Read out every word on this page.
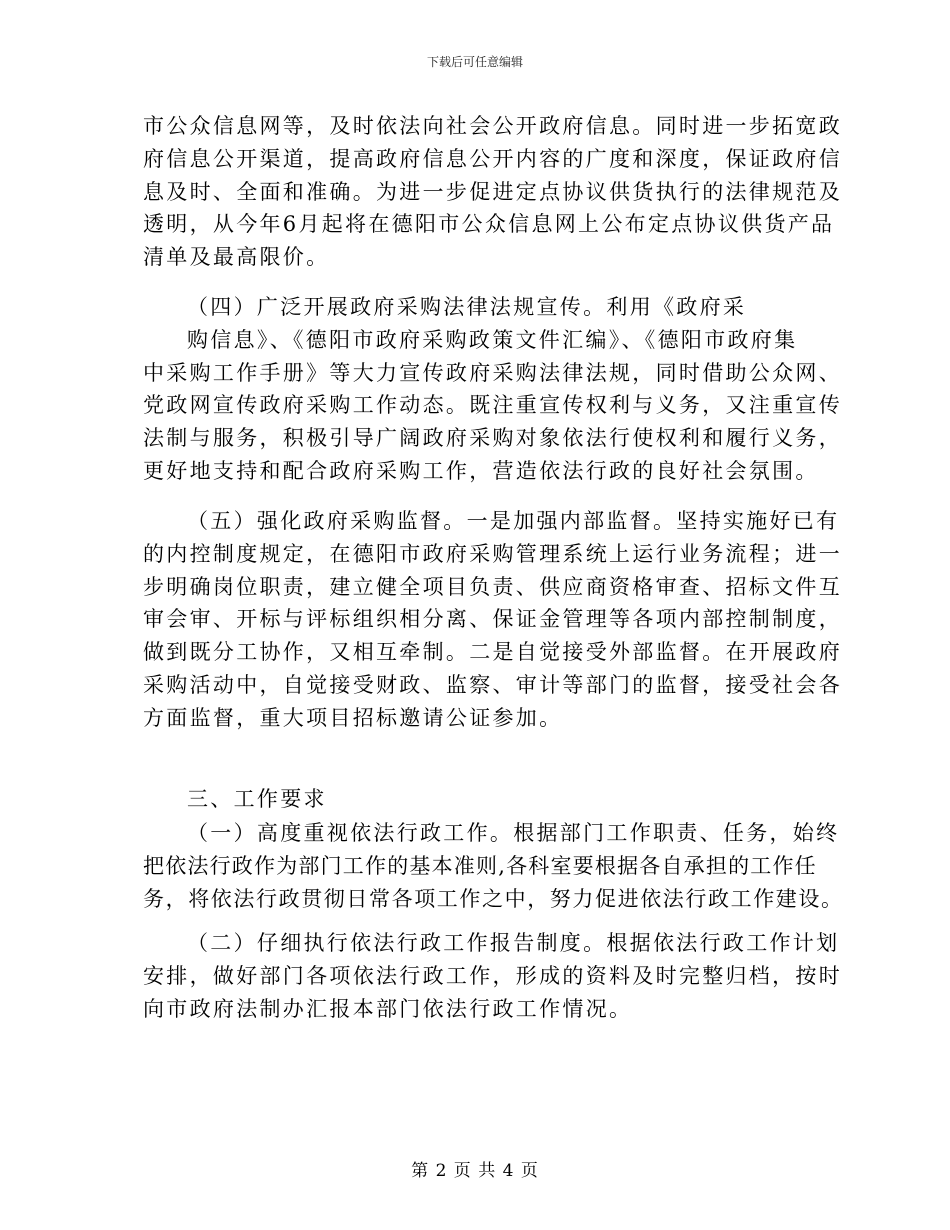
下载后可任意编辑
市公众信息网等，及时依法向社会公开政府信息。同时进一步拓宽政
府信息公开渠道，提高政府信息公开内容的广度和深度，保证政府信
息及时、全面和准确。为进一步促进定点协议供货执行的法律规范及
透明，从今年6月起将在德阳市公众信息网上公布定点协议供货产品
清单及最高限价。
（四）广泛开展政府采购法律法规宣传。利用《政府采
购信息》、《德阳市政府采购政策文件汇编》、《德阳市政府集
中采购工作手册》等大力宣传政府采购法律法规，同时借助公众网、
党政网宣传政府采购工作动态。既注重宣传权利与义务，又注重宣传
法制与服务，积极引导广阔政府采购对象依法行使权利和履行义务，
更好地支持和配合政府采购工作，营造依法行政的良好社会氛围。
（五）强化政府采购监督。一是加强内部监督。坚持实施好已有
的内控制度规定，在德阳市政府采购管理系统上运行业务流程；进一
步明确岗位职责，建立健全项目负责、供应商资格审查、招标文件互
审会审、开标与评标组织相分离、保证金管理等各项内部控制制度，
做到既分工协作，又相互牵制。二是自觉接受外部监督。在开展政府
采购活动中，自觉接受财政、监察、审计等部门的监督，接受社会各
方面监督，重大项目招标邀请公证参加。
三、工作要求
（一）高度重视依法行政工作。根据部门工作职责、任务，始终
把依法行政作为部门工作的基本准则,各科室要根据各自承担的工作任
务，将依法行政贯彻日常各项工作之中，努力促进依法行政工作建设。
（二）仔细执行依法行政工作报告制度。根据依法行政工作计划
安排，做好部门各项依法行政工作，形成的资料及时完整归档，按时
向市政府法制办汇报本部门依法行政工作情况。
第 2 页 共 4 页
